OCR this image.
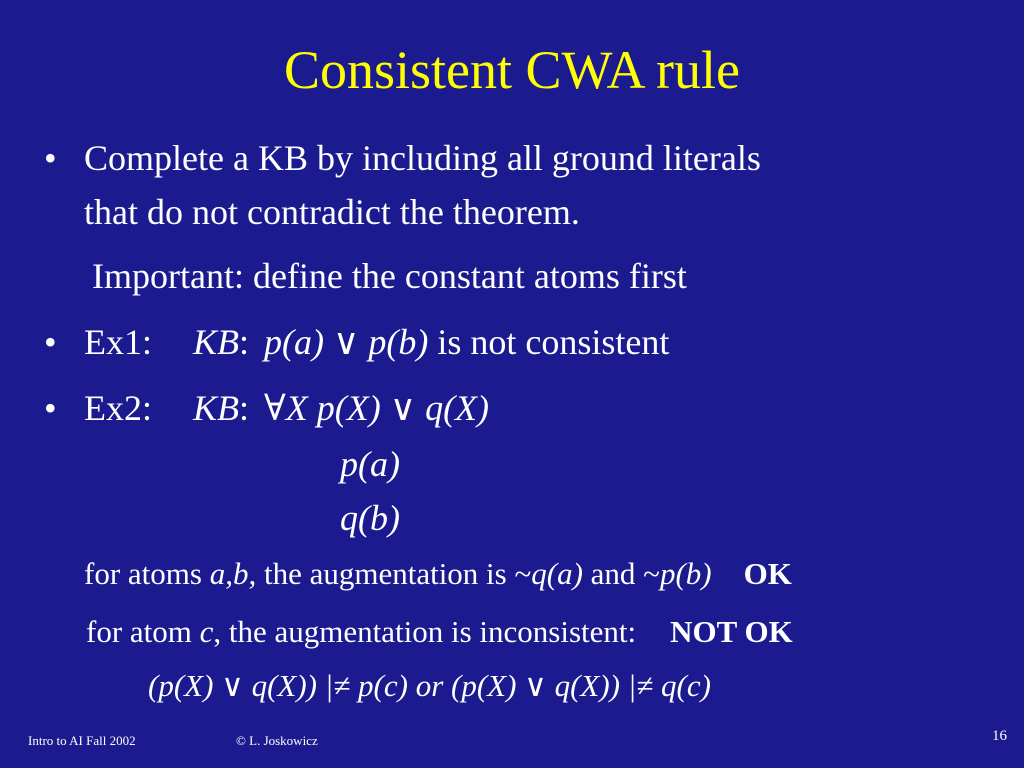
Consistent CWA rule
• Complete a KB by including all ground literals
that do not contradict the theorem.
Important: define the constant atoms first
• Ex1: KB: p(a) ∨ p(b) is not consistent
• Ex2: KB: ∀X p(X) ∨ q(X)
p(a)
q(b)
for atoms a,b, the augmentation is ~q(a) and ~p(b) OK
for atom c, the augmentation is inconsistent: NOT OK
(p(X) ∨ q(X)) |≠ p(c) or (p(X) ∨ q(X)) |≠ q(c)
Intro to AI Fall 2002	© L. Joskowicz	16
